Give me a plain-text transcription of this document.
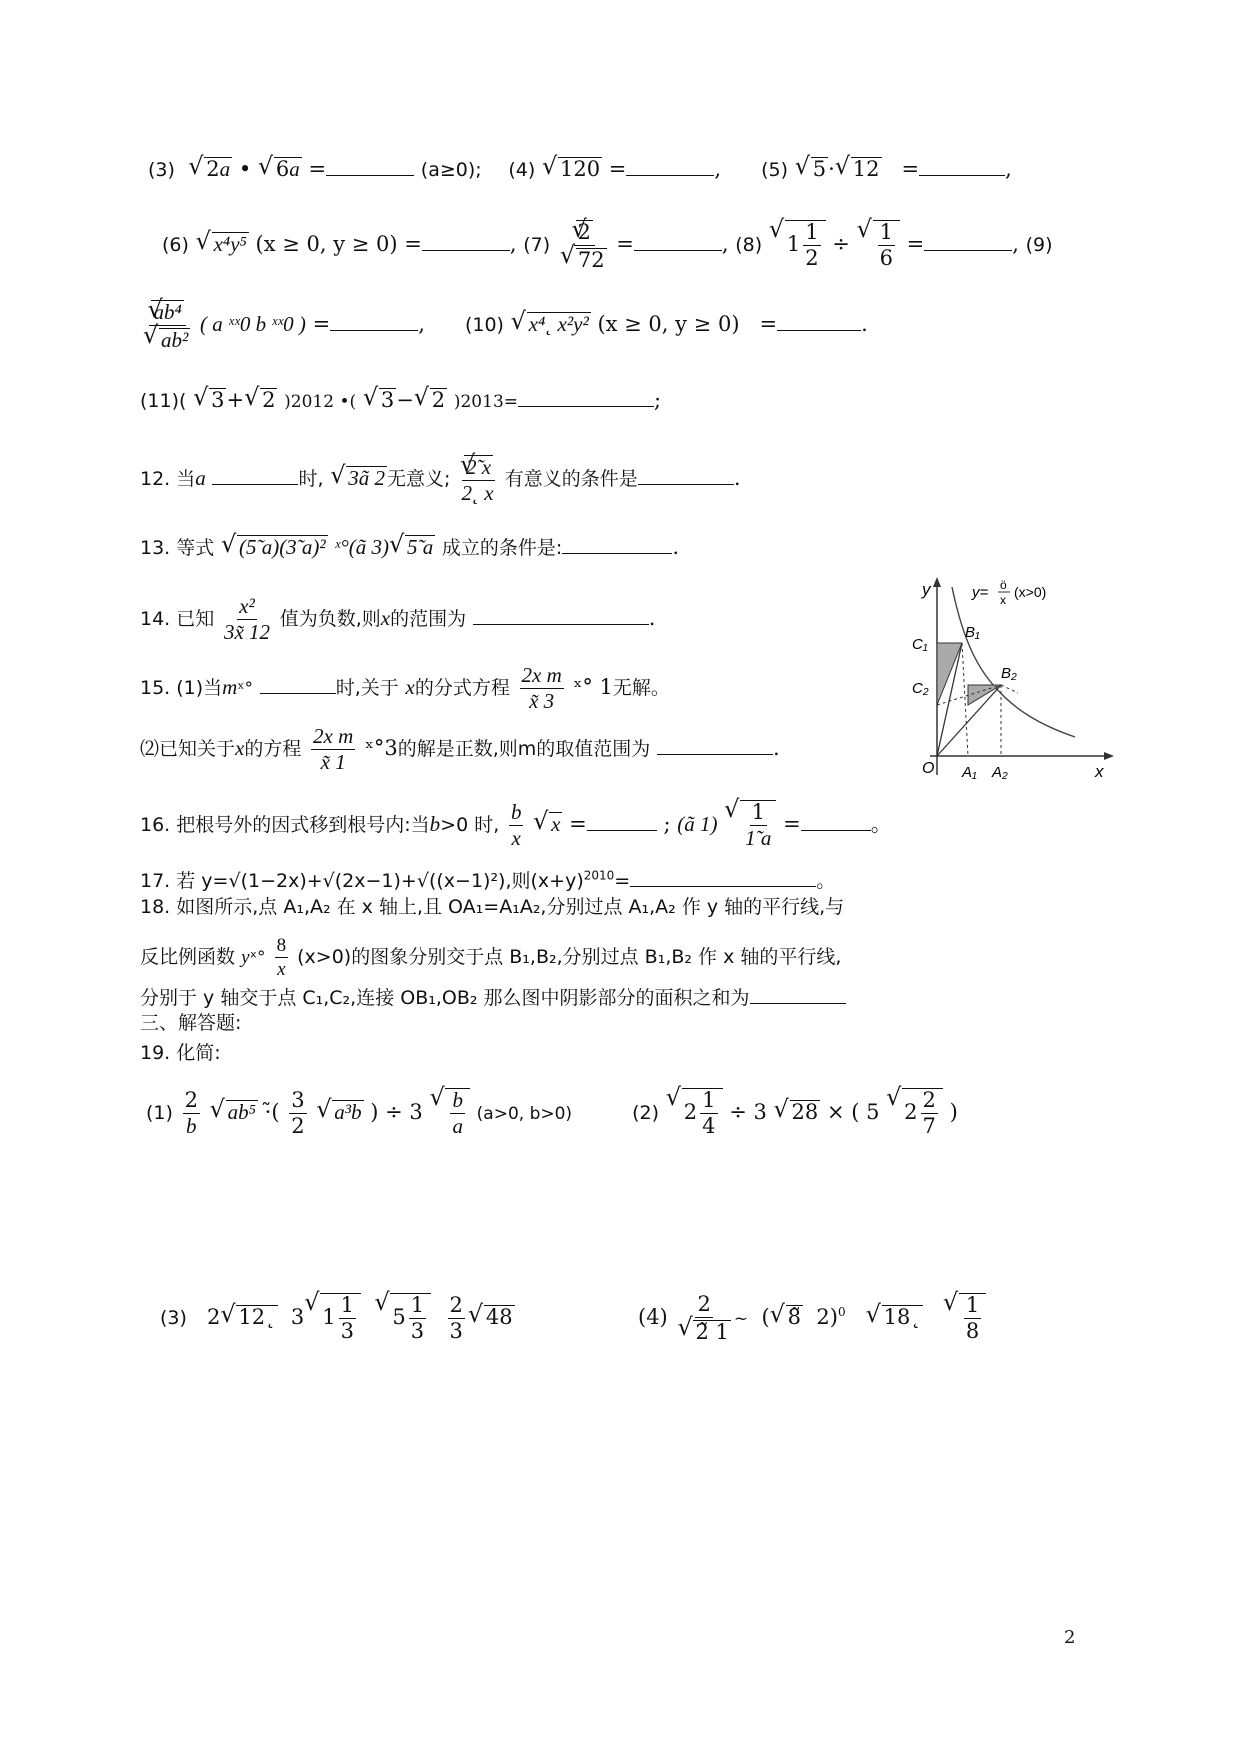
(3) √ 2a • √ 6a =	(a≥0); (4) √ 120 =	,      (5) √ 5· √ 12 =	,
(6) √ x⁴y⁵ (x ≥ 0, y ≥ 0) =	, (7) √ 2
√ 72 =	, (8) √ $1 \frac{1}{2}$ ÷ √ $\frac{1}{6}$ =	, (9)
√ ab⁴
√ ab² ( a ˣˣ0 b ˣˣ0 ) =	,      (10) √ x⁴˛ x²y² (x ≥ 0, y ≥ 0)   =	.
(11)( √ 3+ √ 2 )2012 •( √ 3− √ 2 )2013=	;
12. 当a	时, √ 3ã 2 无意义; √ $\frac{2̃ x}{2˛ x}$ 有意义的条件是	.
13. 等式 √ (5̃ a)(3̃ a)² ˣ°(ã 3) √ 5̃ a 成立的条件是:	.
14. 已知 $\frac{\text{x²}}{3x̃ 12}$ 值为负数,则x的范围为	.
15. (1)当mˣ°	时,关于 x的分式方程 $\frac{\text{2x m}}{x̃ 3}$ ˣ° 1无解。
⑵已知关于x的方程 $\frac{\text{2x m}}{x̃ 1}$ ˣ°3的解是正数,则m的取值范围为	.
16. 把根号外的因式移到根号内:当b>0 时, $\frac{b}{x}$ √ x =	; (ã 1) √ $\frac{1}{1̃ a}$ =	。
17. 若 y=√(1−2x)+√(2x−1)+√((x−1)²),则$(x+y)^{2010}=$	。
18. 如图所示,点 A₁,A₂ 在 x 轴上,且 OA₁=A₁A₂,分别过点 A₁,A₂ 作 y 轴的平行线,与
反比例函数 yˣ° $\frac{8}{x} (x>0)$的图象分别交于点 B₁,B₂,分别过点 B₁,B₂ 作 x 轴的平行线,
分别于 y 轴交于点 C₁,C₂,连接 OB₁,OB₂ 那么图中阴影部分的面积之和为
三、解答题:
19. 化简:
$(1) \frac{2}{b}$ √ ab⁵ ·̃( $\frac{3}{2}$ √ a³b ) ÷ 3 √ $\frac{b}{a} (a>0$, b>0)	(2) √ $2 \frac{1}{4} \div 3$ √ 28 × ( 5 √ $2 \frac{2}{7}$ )
(3) 2 √ 12˛ 3 √ $1 \frac{1}{3}$ √ $5 \frac{1}{3}$
$\frac{2}{3}$ √ 48	(4) 2
√ 2̃ 1 ~ ( √ 8̃ 2)$^0$ √ 18˛ √ $\frac{1}{8}$
y
x
y= ö
x (x>0)
O
B₁
B₂
C₁
C₂
A₁ A₂
2
